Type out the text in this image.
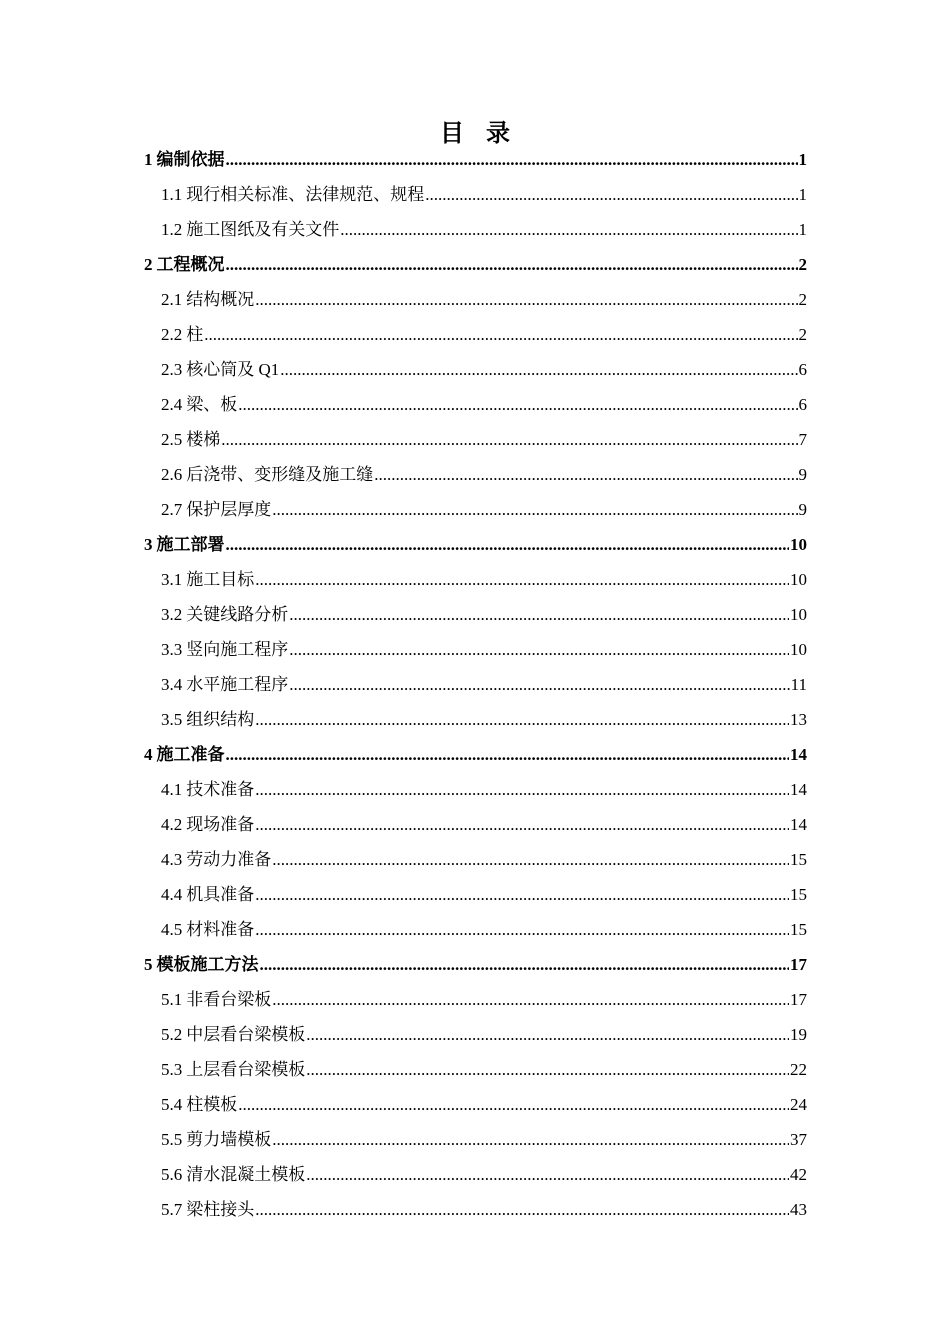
目录
1 编制依据 .....	1
1.1 现行相关标准、法律规范、规程 .....	1
1.2 施工图纸及有关文件 .....	1
2 工程概况 .....	2
2.1 结构概况 .....	2
2.2 柱 .....	2
2.3 核心筒及 Q1 .....	6
2.4 梁、板 .....	6
2.5 楼梯 .....	7
2.6 后浇带、变形缝及施工缝 .....	9
2.7 保护层厚度 .....	9
3 施工部署 .....	10
3.1 施工目标 .....	10
3.2 关键线路分析 .....	10
3.3 竖向施工程序 .....	10
3.4 水平施工程序 .....	11
3.5 组织结构 .....	13
4 施工准备 .....	14
4.1 技术准备 .....	14
4.2 现场准备 .....	14
4.3 劳动力准备 .....	15
4.4 机具准备 .....	15
4.5 材料准备 .....	15
5 模板施工方法 .....	17
5.1 非看台梁板 .....	17
5.2 中层看台梁模板 .....	19
5.3 上层看台梁模板 .....	22
5.4 柱模板 .....	24
5.5 剪力墙模板 .....	37
5.6 清水混凝土模板 .....	42
5.7 梁柱接头 .....	43
